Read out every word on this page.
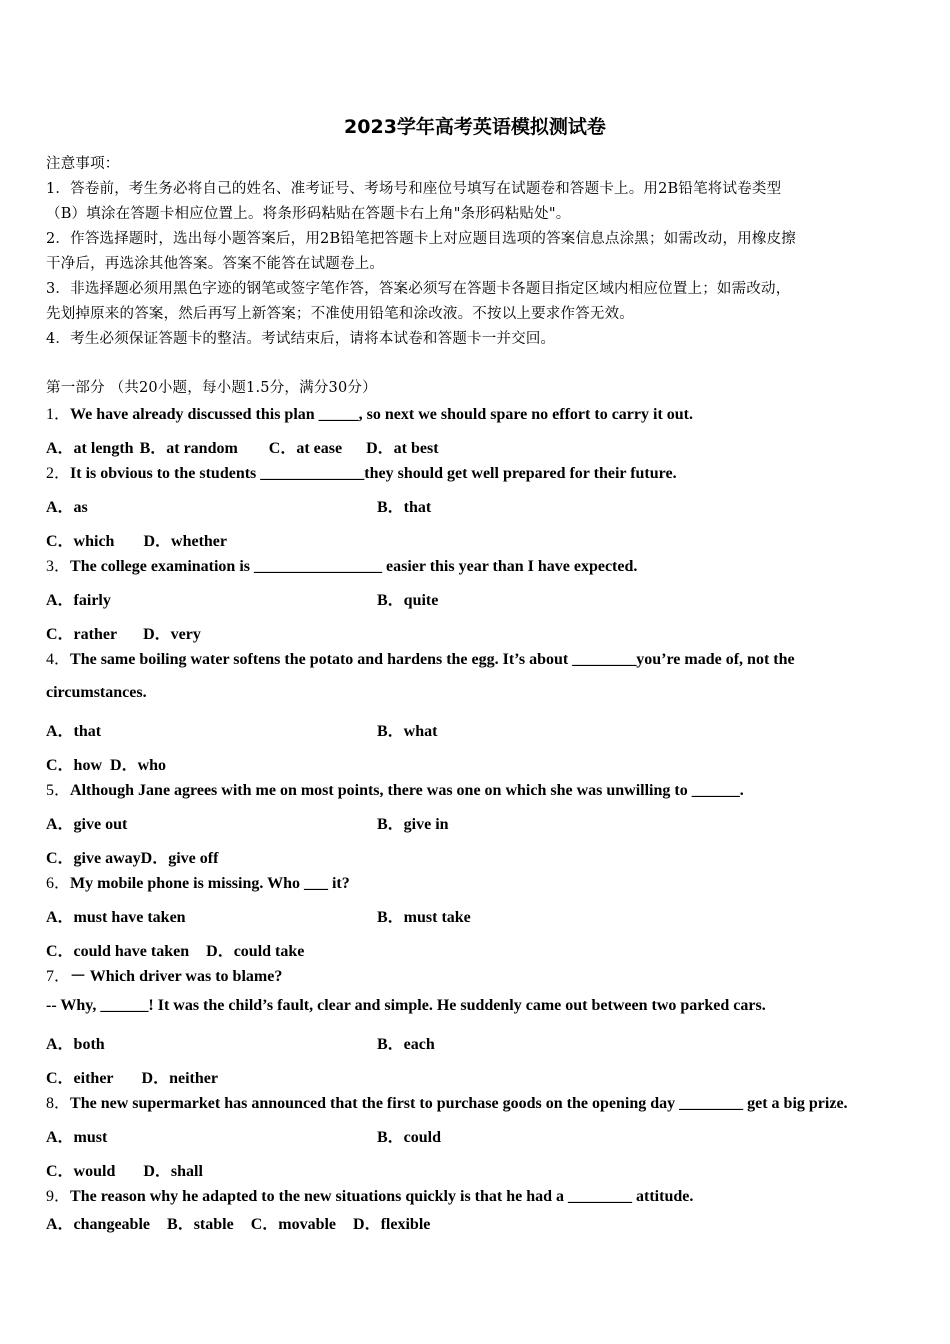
2023学年高考英语模拟测试卷
注意事项：
1．答卷前，考生务必将自己的姓名、准考证号、考场号和座位号填写在试题卷和答题卡上。用2B铅笔将试卷类型
（B）填涂在答题卡相应位置上。将条形码粘贴在答题卡右上角"条形码粘贴处"。
2．作答选择题时，选出每小题答案后，用2B铅笔把答题卡上对应题目选项的答案信息点涂黑；如需改动，用橡皮擦
干净后，再选涂其他答案。答案不能答在试题卷上。
3．非选择题必须用黑色字迹的钢笔或签字笔作答，答案必须写在答题卡各题目指定区域内相应位置上；如需改动，
先划掉原来的答案，然后再写上新答案；不准使用铅笔和涂改液。不按以上要求作答无效。
4．考生必须保证答题卡的整洁。考试结束后，请将本试卷和答题卡一并交回。
第一部分 （共20小题，每小题1.5分，满分30分）
1．We have already discussed this plan _____, so next we should spare no effort to carry it out.
A．at length B．at random C．at ease D．at best
2．It is obvious to the students _____________they should get well prepared for their future.
A．as	B．that
C．which D．whether
3．The college examination is ________________ easier this year than I have expected.
A．fairly	B．quite
C．rather D．very
4．The same boiling water softens the potato and hardens the egg. It’s about ________you’re made of, not the
circumstances.
A．that	B．what
C．how D．who
5．Although Jane agrees with me on most points, there was one on which she was unwilling to ______.
A．give out	B．give in
C．give awayD．give off
6．My mobile phone is missing. Who ___ it?
A．must have taken	B．must take
C．could have taken D．could take
7．－ Which driver was to blame?
-- Why, ______! It was the child’s fault, clear and simple. He suddenly came out between two parked cars.
A．both	B．each
C．either D．neither
8．The new supermarket has announced that the first to purchase goods on the opening day ________ get a big prize.
A．must	B．could
C．would D．shall
9．The reason why he adapted to the new situations quickly is that he had a ________ attitude.
A．changeable B．stable C．movable D．flexible
